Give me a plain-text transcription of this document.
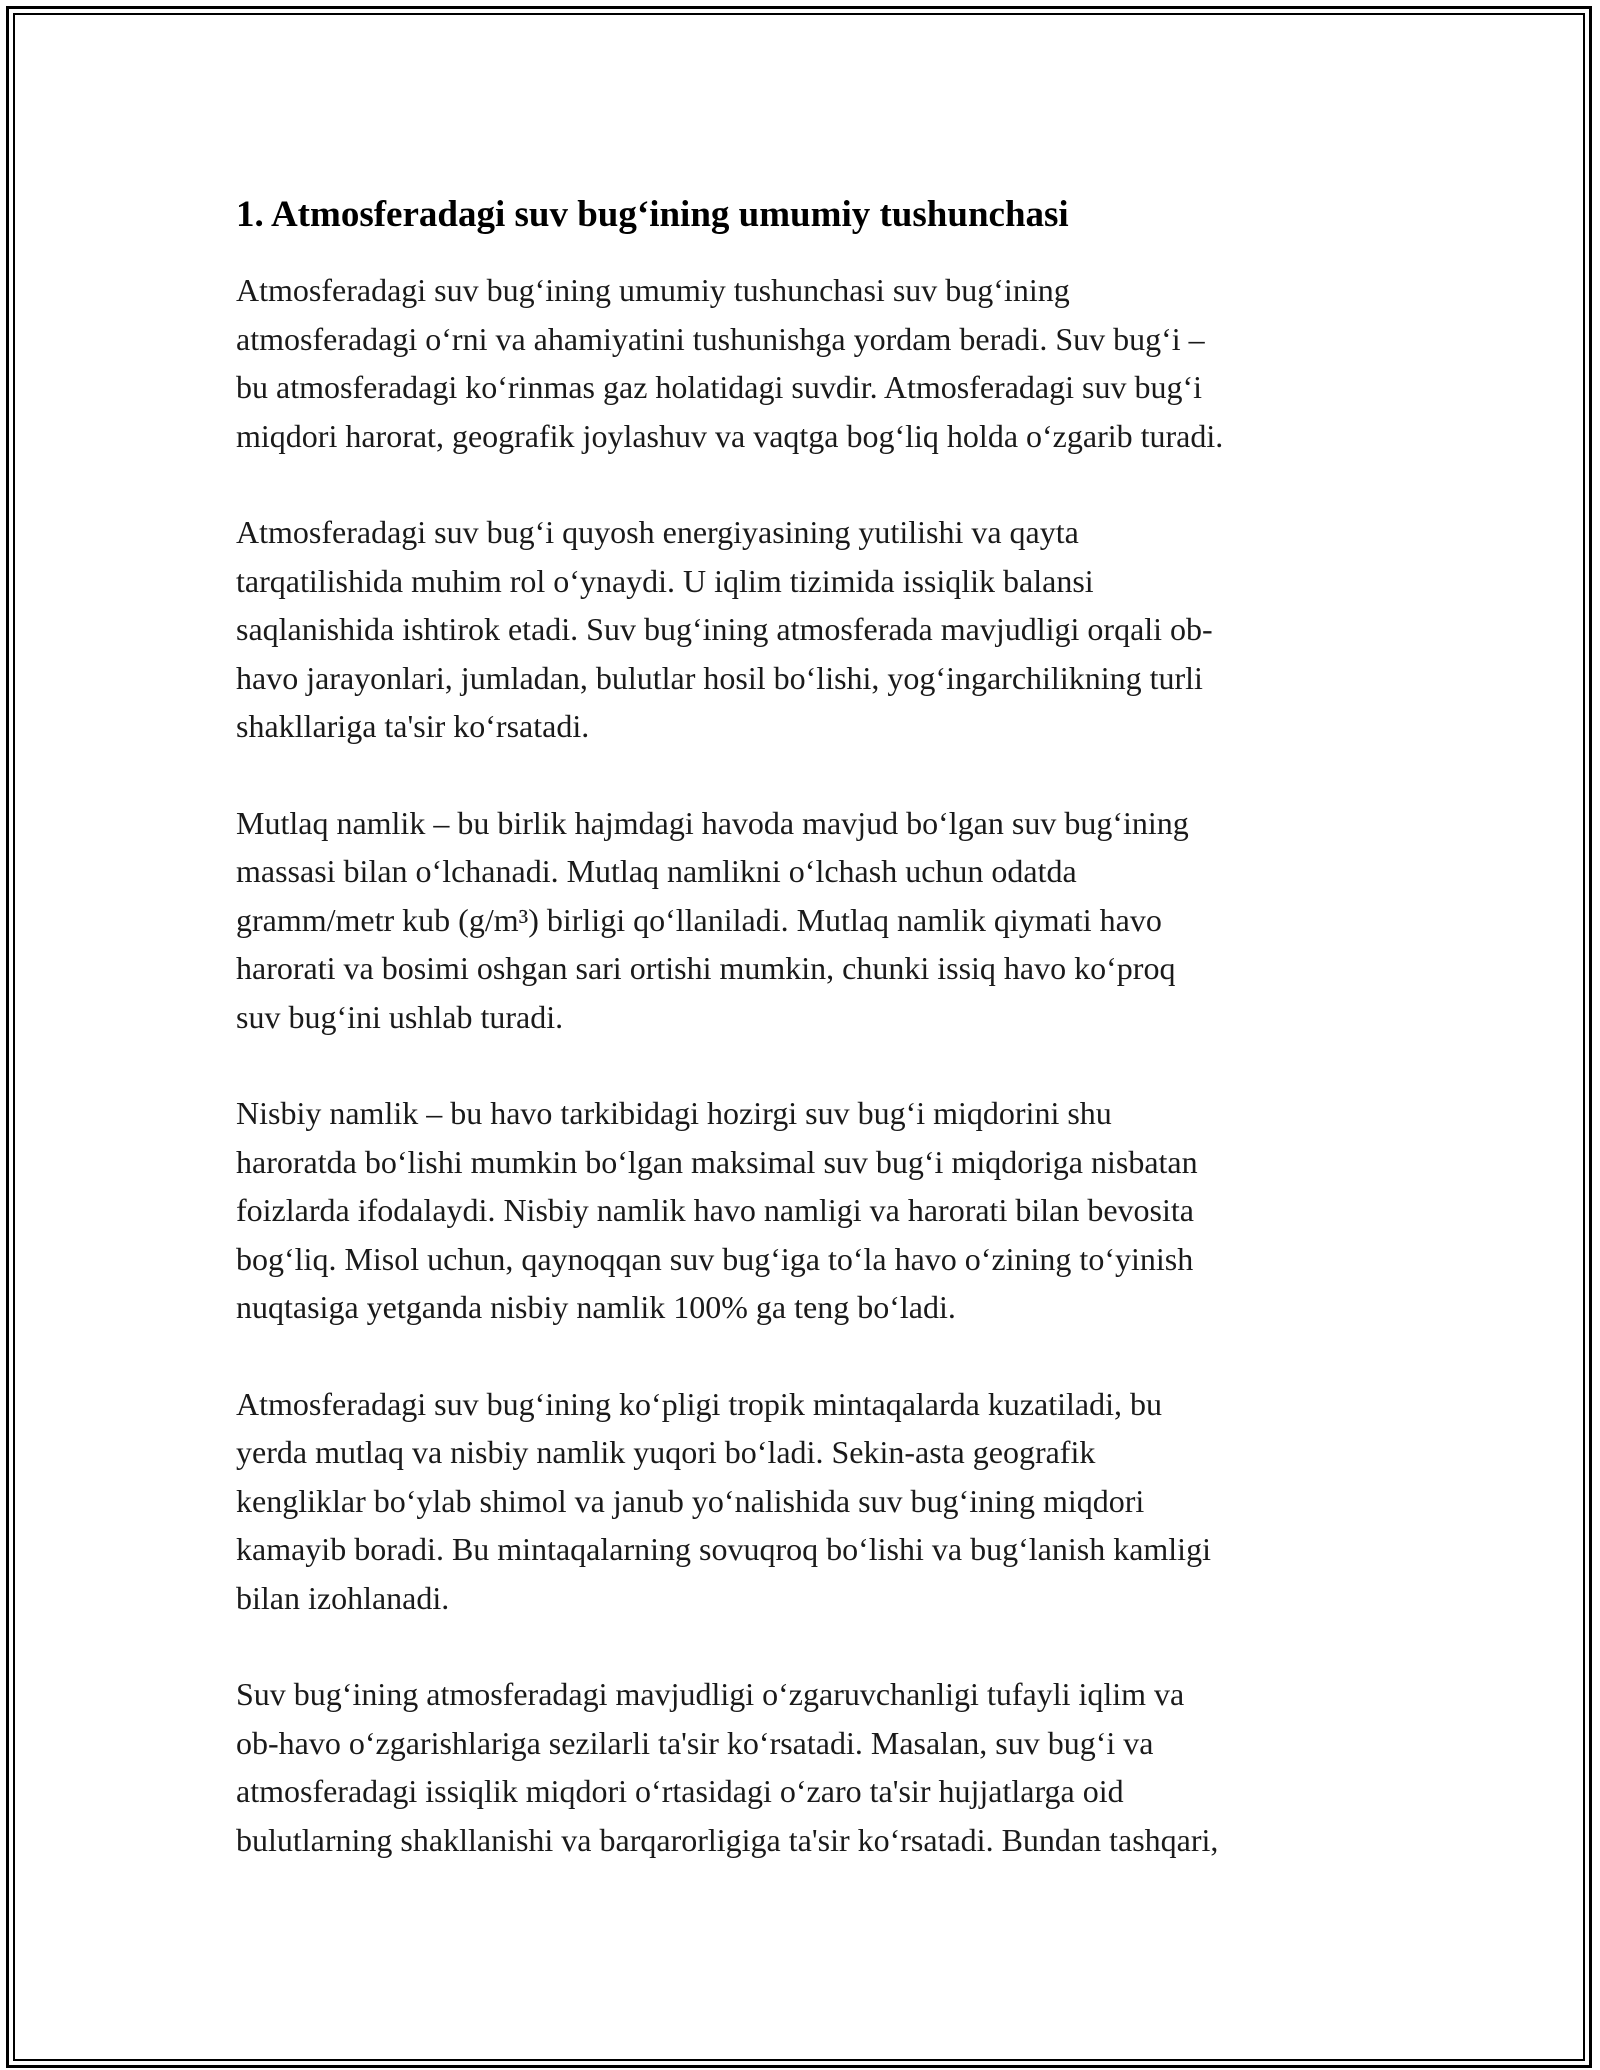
1. Atmosferadagi suv bug‘ining umumiy tushunchasi

Atmosferadagi suv bug‘ining umumiy tushunchasi suv bug‘ining
atmosferadagi o‘rni va ahamiyatini tushunishga yordam beradi. Suv bug‘i –
bu atmosferadagi ko‘rinmas gaz holatidagi suvdir. Atmosferadagi suv bug‘i
miqdori harorat, geografik joylashuv va vaqtga bog‘liq holda o‘zgarib turadi.

Atmosferadagi suv bug‘i quyosh energiyasining yutilishi va qayta
tarqatilishida muhim rol o‘ynaydi. U iqlim tizimida issiqlik balansi
saqlanishida ishtirok etadi. Suv bug‘ining atmosferada mavjudligi orqali ob-
havo jarayonlari, jumladan, bulutlar hosil bo‘lishi, yog‘ingarchilikning turli
shakllariga ta'sir ko‘rsatadi.

Mutlaq namlik – bu birlik hajmdagi havoda mavjud bo‘lgan suv bug‘ining
massasi bilan o‘lchanadi. Mutlaq namlikni o‘lchash uchun odatda
gramm/metr kub (g/m³) birligi qo‘llaniladi. Mutlaq namlik qiymati havo
harorati va bosimi oshgan sari ortishi mumkin, chunki issiq havo ko‘proq
suv bug‘ini ushlab turadi.

Nisbiy namlik – bu havo tarkibidagi hozirgi suv bug‘i miqdorini shu
haroratda bo‘lishi mumkin bo‘lgan maksimal suv bug‘i miqdoriga nisbatan
foizlarda ifodalaydi. Nisbiy namlik havo namligi va harorati bilan bevosita
bog‘liq. Misol uchun, qaynoqqan suv bug‘iga to‘la havo o‘zining to‘yinish
nuqtasiga yetganda nisbiy namlik 100% ga teng bo‘ladi.

Atmosferadagi suv bug‘ining ko‘pligi tropik mintaqalarda kuzatiladi, bu
yerda mutlaq va nisbiy namlik yuqori bo‘ladi. Sekin-asta geografik
kengliklar bo‘ylab shimol va janub yo‘nalishida suv bug‘ining miqdori
kamayib boradi. Bu mintaqalarning sovuqroq bo‘lishi va bug‘lanish kamligi
bilan izohlanadi.

Suv bug‘ining atmosferadagi mavjudligi o‘zgaruvchanligi tufayli iqlim va
ob-havo o‘zgarishlariga sezilarli ta'sir ko‘rsatadi. Masalan, suv bug‘i va
atmosferadagi issiqlik miqdori o‘rtasidagi o‘zaro ta'sir hujjatlarga oid
bulutlarning shakllanishi va barqarorligiga ta'sir ko‘rsatadi. Bundan tashqari,
